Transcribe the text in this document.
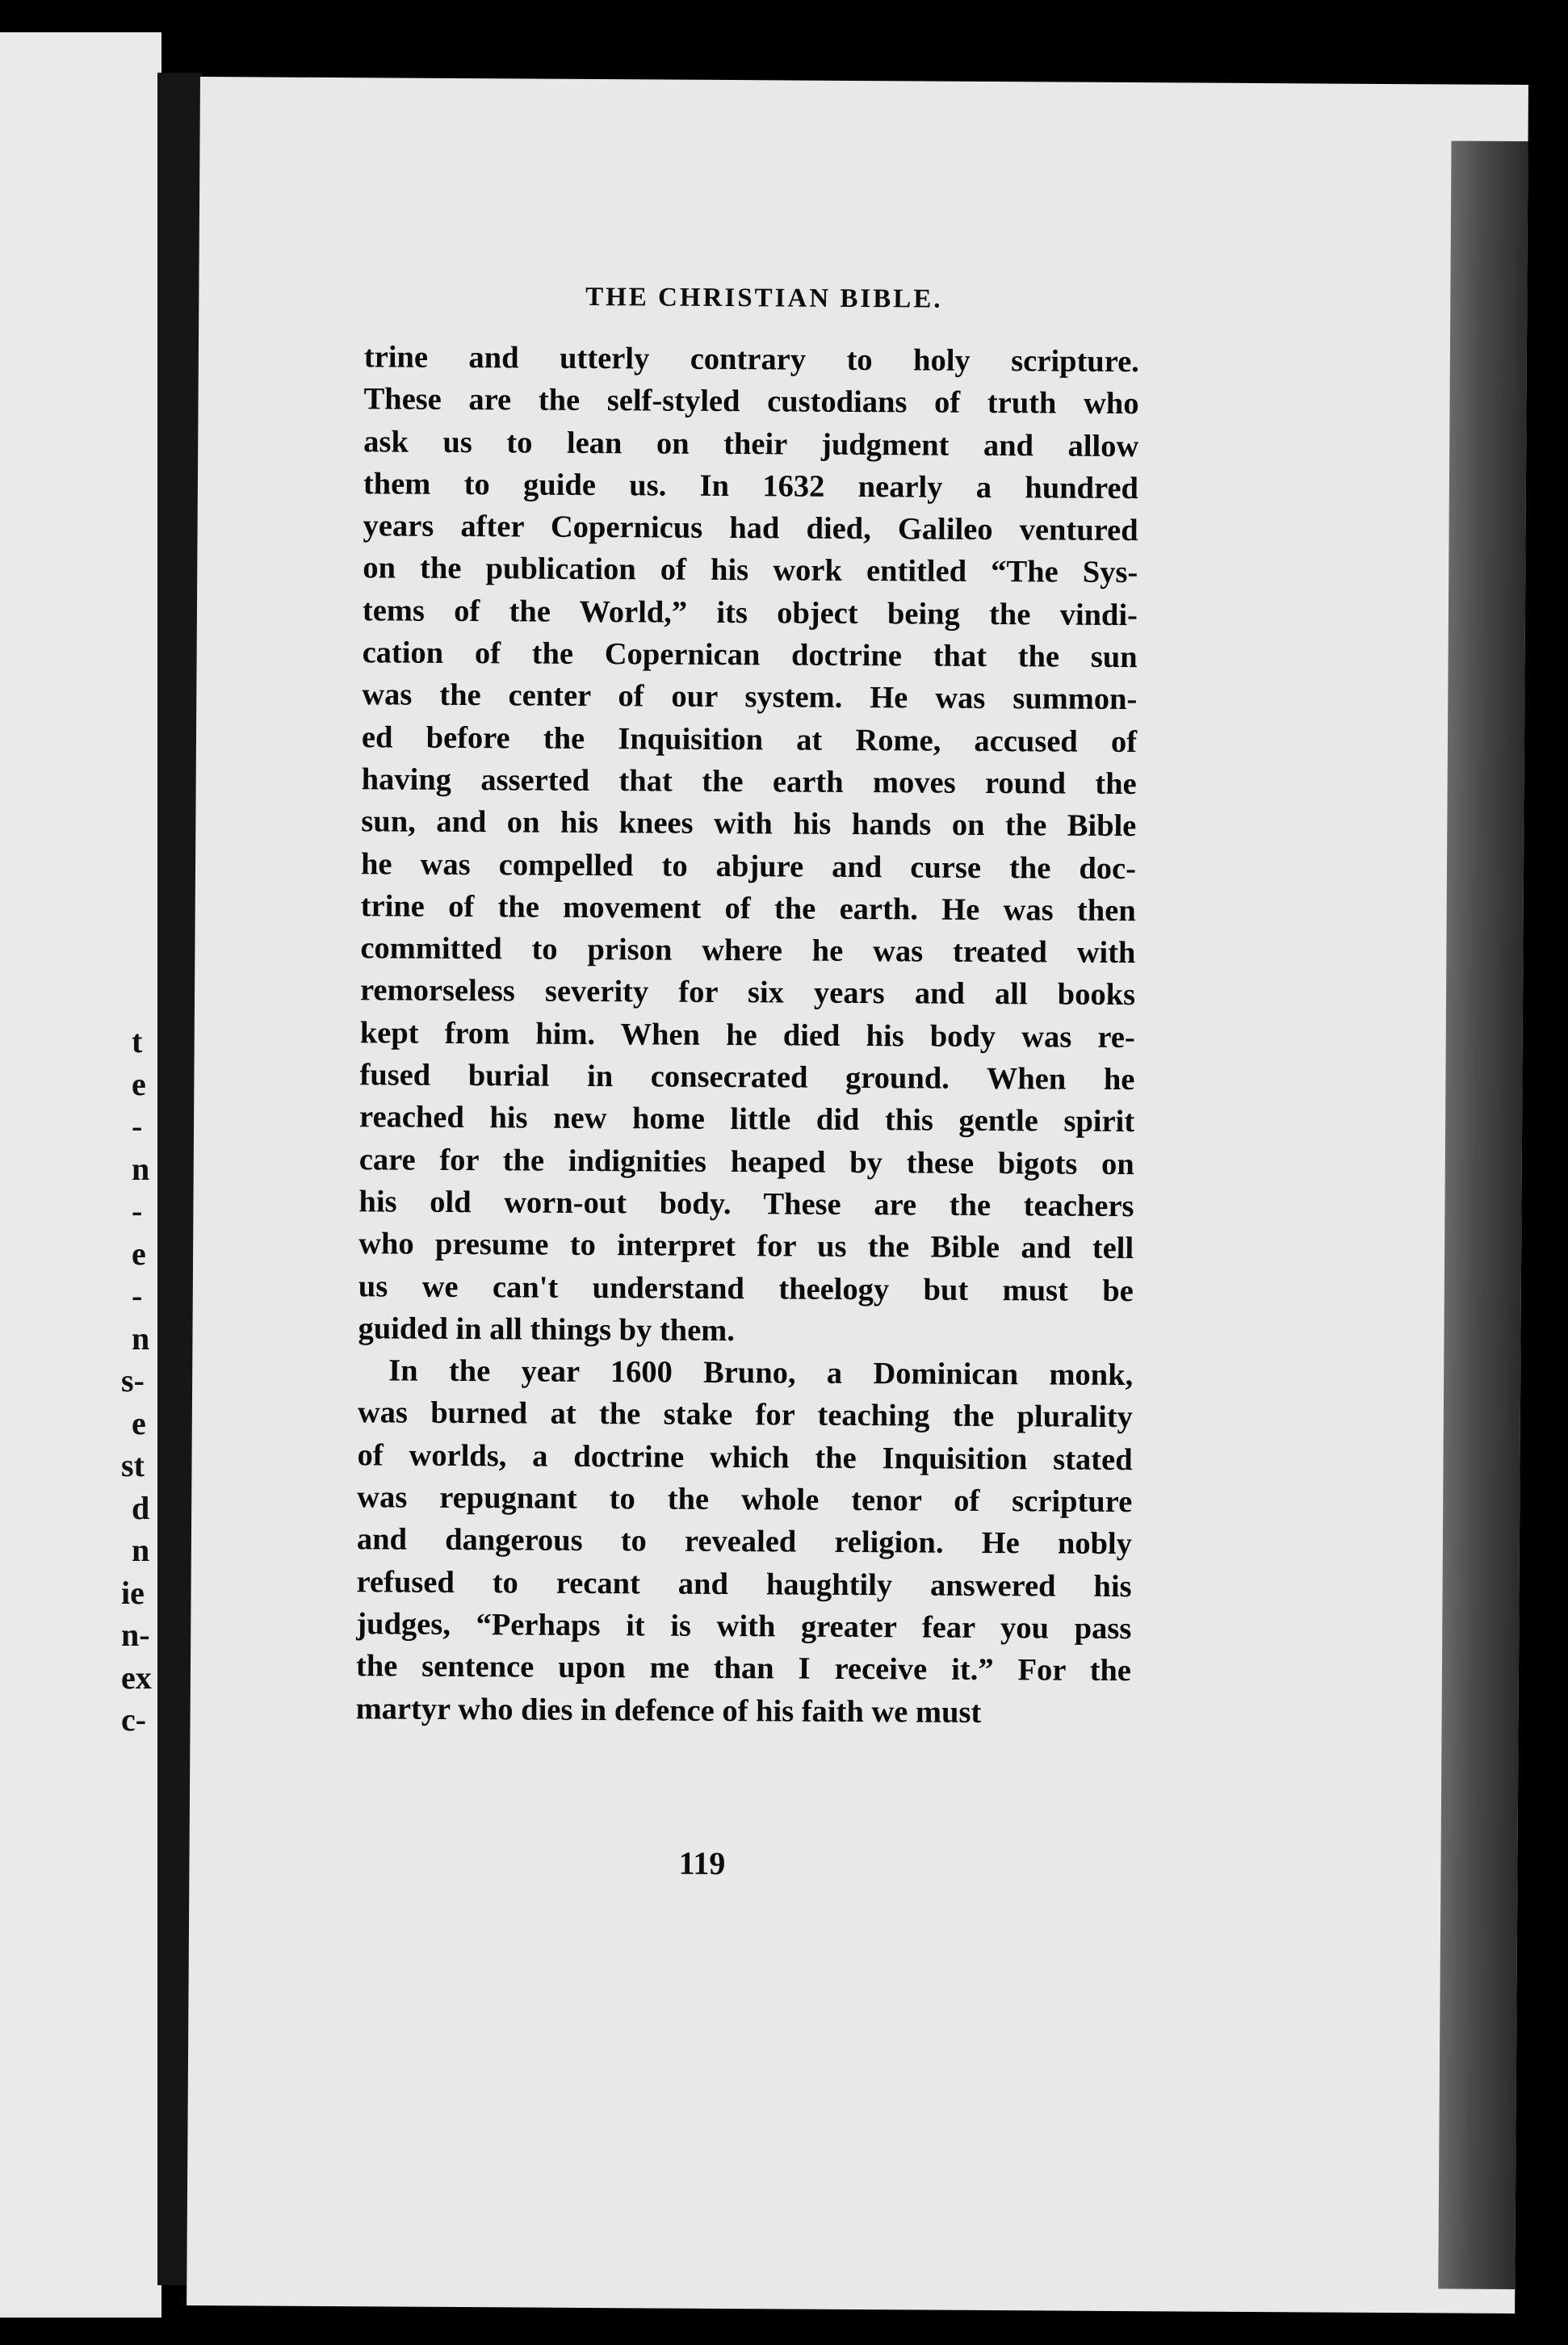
t
e
-
n
-
e
-
n
s-
e
st
d
n
ie
n-
ex
c-
THE CHRISTIAN BIBLE.
trine and utterly contrary to holy scripture.
These are the self-styled custodians of truth who
ask us to lean on their judgment and allow
them to guide us. In 1632 nearly a hundred
years after Copernicus had died, Galileo ventured
on the publication of his work entitled “The Sys-
tems of the World,” its object being the vindi-
cation of the Copernican doctrine that the sun
was the center of our system. He was summon-
ed before the Inquisition at Rome, accused of
having asserted that the earth moves round the
sun, and on his knees with his hands on the Bible
he was compelled to abjure and curse the doc-
trine of the movement of the earth. He was then
committed to prison where he was treated with
remorseless severity for six years and all books
kept from him. When he died his body was re-
fused burial in consecrated ground. When he
reached his new home little did this gentle spirit
care for the indignities heaped by these bigots on
his old worn-out body. These are the teachers
who presume to interpret for us the Bible and tell
us we can't understand theelogy but must be
guided in all things by them.
In the year 1600 Bruno, a Dominican monk,
was burned at the stake for teaching the plurality
of worlds, a doctrine which the Inquisition stated
was repugnant to the whole tenor of scripture
and dangerous to revealed religion. He nobly
refused to recant and haughtily answered his
judges, “Perhaps it is with greater fear you pass
the sentence upon me than I receive it.” For the
martyr who dies in defence of his faith we must
119
